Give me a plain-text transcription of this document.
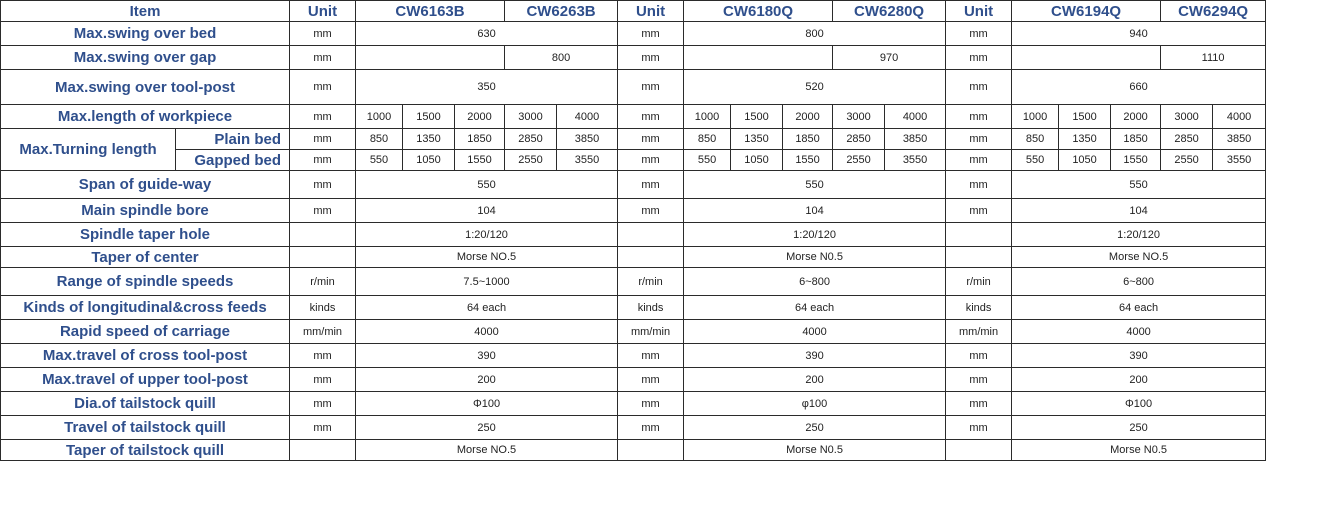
Item		Unit	CW6163B			CW6263B		Unit	CW6180Q			CW6280Q		Unit	CW6194Q			CW6294Q	
Max.swing over bed		mm	630					mm	800					mm	940				
Max.swing over gap		mm				800		mm				970		mm				1110	
Max.swing over tool-post		mm	350					mm	520					mm	660				
Max.length of workpiece		mm	1000	1500	2000	3000	4000	mm	1000	1500	2000	3000	4000	mm	1000	1500	2000	3000	4000
Max.Turning length	Plain bed	mm	850	1350	1850	2850	3850	mm	850	1350	1850	2850	3850	mm	850	1350	1850	2850	3850
	Gapped bed	mm	550	1050	1550	2550	3550	mm	550	1050	1550	2550	3550	mm	550	1050	1550	2550	3550
Span of guide-way		mm	550					mm	550					mm	550				
Main spindle bore		mm	104					mm	104					mm	104				
Spindle taper hole			1:20/120						1:20/120						1:20/120				
Taper of center			Morse NO.5						Morse N0.5						Morse NO.5				
Range of spindle speeds		r/min	7.5~1000					r/min	6~800					r/min	6~800				
Kinds of longitudinal&cross feeds		kinds	64 each					kinds	64 each					kinds	64 each				
Rapid speed of carriage		mm/min	4000					mm/min	4000					mm/min	4000				
Max.travel of cross tool-post		mm	390					mm	390					mm	390				
Max.travel of upper tool-post		mm	200					mm	200					mm	200				
Dia.of tailstock quill		mm	Φ100					mm	φ100					mm	Φ100				
Travel of tailstock quill		mm	250					mm	250					mm	250				
Taper of tailstock quill			Morse NO.5						Morse N0.5						Morse N0.5				
